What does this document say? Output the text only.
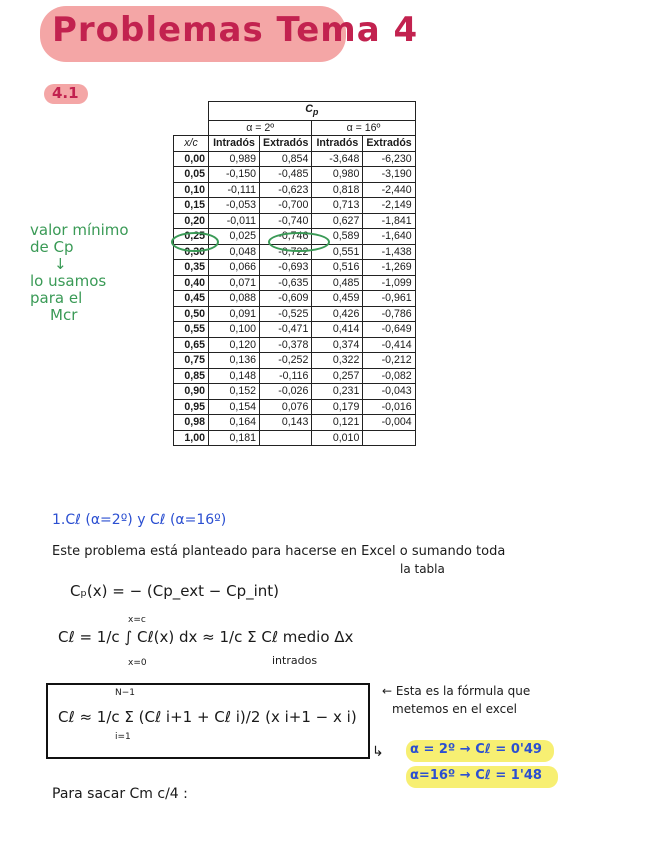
Problemas Tema 4
4.1
	$C_p$
	α = 2º		α = 16º	
x/c	Intradós	Extradós	Intradós	Extradós
0,00	0,989	0,854	-3,648	-6,230
0,05	-0,150	-0,485	0,980	-3,190
0,10	-0,111	-0,623	0,818	-2,440
0,15	-0,053	-0,700	0,713	-2,149
0,20	-0,011	-0,740	0,627	-1,841
0,25	0,025	-0,746	0,589	-1,640
0,30	0,048	-0,722	0,551	-1,438
0,35	0,066	-0,693	0,516	-1,269
0,40	0,071	-0,635	0,485	-1,099
0,45	0,088	-0,609	0,459	-0,961
0,50	0,091	-0,525	0,426	-0,786
0,55	0,100	-0,471	0,414	-0,649
0,65	0,120	-0,378	0,374	-0,414
0,75	0,136	-0,252	0,322	-0,212
0,85	0,148	-0,116	0,257	-0,082
0,90	0,152	-0,026	0,231	-0,043
0,95	0,154	0,076	0,179	-0,016
0,98	0,164	0,143	0,121	-0,004
1,00	0,181		0,010	
valor mínimo
de Cp
↓
lo usamos
para el
Mcr
1.Cℓ (α=2º) y Cℓ (α=16º)
Este problema está planteado para hacerse en Excel o sumando toda
la tabla
Cₚ(x) = − (Cp_ext − Cp_int)
x=c
Cℓ = 1/c ∫ Cℓ(x) dx ≈ 1/c Σ Cℓ medio Δx
x=0	intrados
N−1
Cℓ ≈ 1/c Σ (Cℓ i+1 + Cℓ i)/2 (x i+1 − x i)
i=1
← Esta es la fórmula que
metemos en el excel
↳ α = 2º → Cℓ = 0'49
α=16º → Cℓ = 1'48
Para sacar Cm c/4 :
